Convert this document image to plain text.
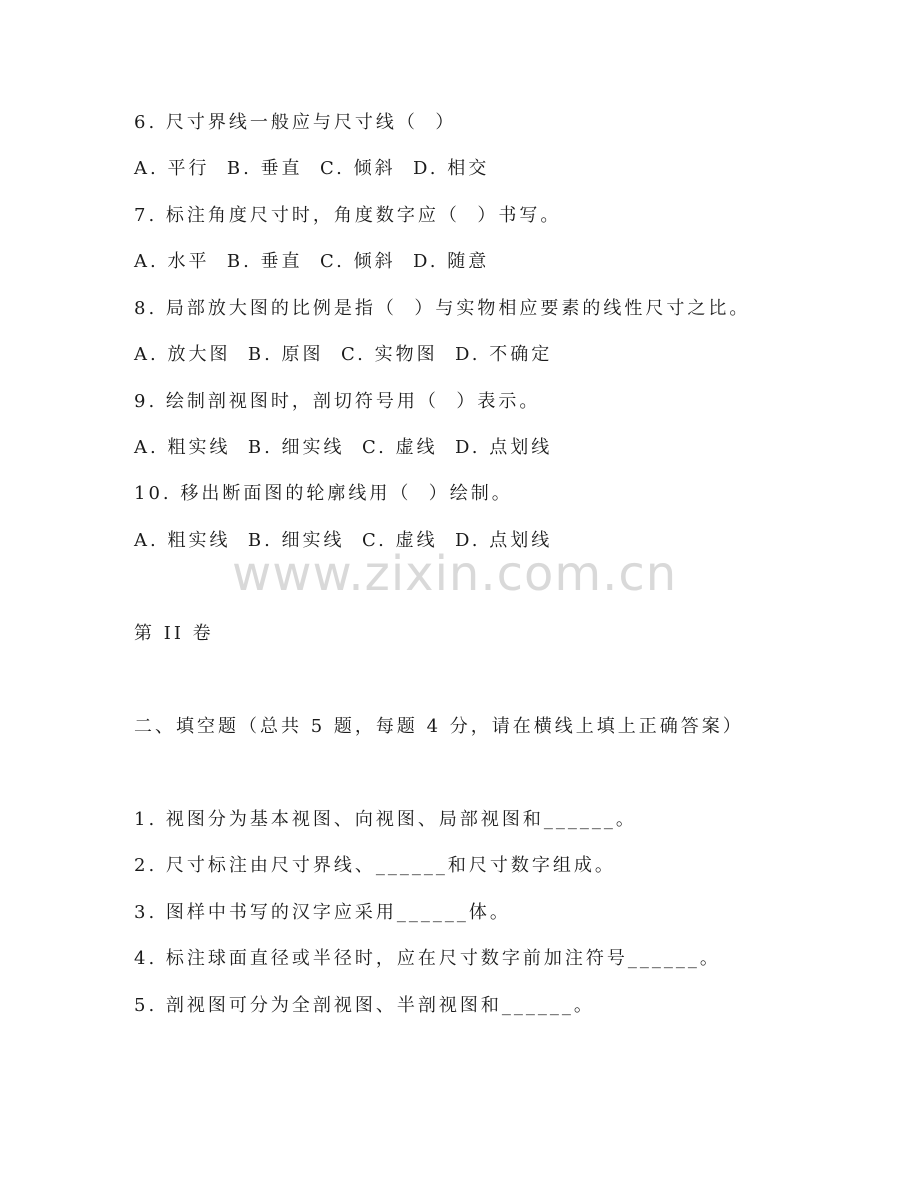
6. 尺寸界线一般应与尺寸线（  ）
A. 平行  B. 垂直  C. 倾斜  D. 相交
7. 标注角度尺寸时，角度数字应（  ）书写。
A. 水平  B. 垂直  C. 倾斜  D. 随意
8. 局部放大图的比例是指（  ）与实物相应要素的线性尺寸之比。
A. 放大图  B. 原图  C. 实物图  D. 不确定
9. 绘制剖视图时，剖切符号用（  ）表示。
A. 粗实线  B. 细实线  C. 虚线  D. 点划线
10. 移出断面图的轮廓线用（  ）绘制。
A. 粗实线  B. 细实线  C. 虚线  D. 点划线
www.zixin.com.cn
第 II 卷
二、填空题（总共 5 题，每题 4 分，请在横线上填上正确答案）
1. 视图分为基本视图、向视图、局部视图和______。
2. 尺寸标注由尺寸界线、______和尺寸数字组成。
3. 图样中书写的汉字应采用______体。
4. 标注球面直径或半径时，应在尺寸数字前加注符号______。
5. 剖视图可分为全剖视图、半剖视图和______。
